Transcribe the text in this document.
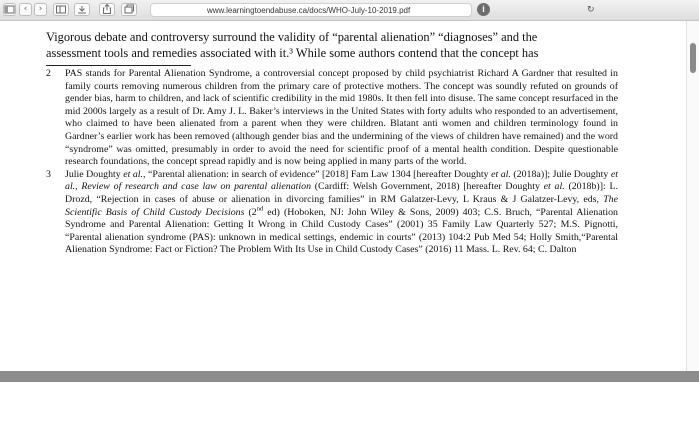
‹	›	www.learningtoendabuse.ca/docs/WHO-July-10-2019.pdf	↻
i
Vigorous debate and controversy surround the validity of “parental alienation” “diagnoses” and the
assessment tools and remedies associated with it.³ While some authors contend that the concept has
2 PAS stands for Parental Alienation Syndrome, a controversial concept proposed by child psychiatrist Richard A Gardner that resulted in family courts removing numerous children from the primary care of protective mothers. The concept was soundly refuted on grounds of gender bias, harm to children, and lack of scientific credibility in the mid 1980s. It then fell into disuse. The same concept resurfaced in the mid 2000s largely as a result of Dr. Amy J. L. Baker’s interviews in the United States with forty adults who responded to an advertisement, who claimed to have been alienated from a parent when they were children. Blatant anti women and children terminology found in Gardner’s earlier work has been removed (although gender bias and the undermining of the views of children have remained) and the word “syndrome” was omitted, presumably in order to avoid the need for scientific proof of a mental health condition. Despite questionable research foundations, the concept spread rapidly and is now being applied in many parts of the world.
3 Julie Doughty et al., “Parental alienation: in search of evidence” [2018] Fam Law 1304 [hereafter Doughty et al. (2018a)]; Julie Doughty et al., Review of research and case law on parental alienation (Cardiff: Welsh Government, 2018) [hereafter Doughty et al. (2018b)]: L. Drozd, “Rejection in cases of abuse or alienation in divorcing families” in RM Galatzer-Levy, L Kraus & J Galatzer-Levy, eds, The Scientific Basis of Child Custody Decisions (2nd ed) (Hoboken, NJ: John Wiley & Sons, 2009) 403; C.S. Bruch, “Parental Alienation Syndrome and Parental Alienation: Getting It Wrong in Child Custody Cases” (2001) 35 Family Law Quarterly 527; M.S. Pignotti, “Parental alienation syndrome (PAS): unknown in medical settings, endemic in courts” (2013) 104:2 Pub Med 54; Holly Smith,“Parental Alienation Syndrome: Fact or Fiction? The Problem With Its Use in Child Custody Cases” (2016) 11 Mass. L. Rev. 64; C. Dalton
